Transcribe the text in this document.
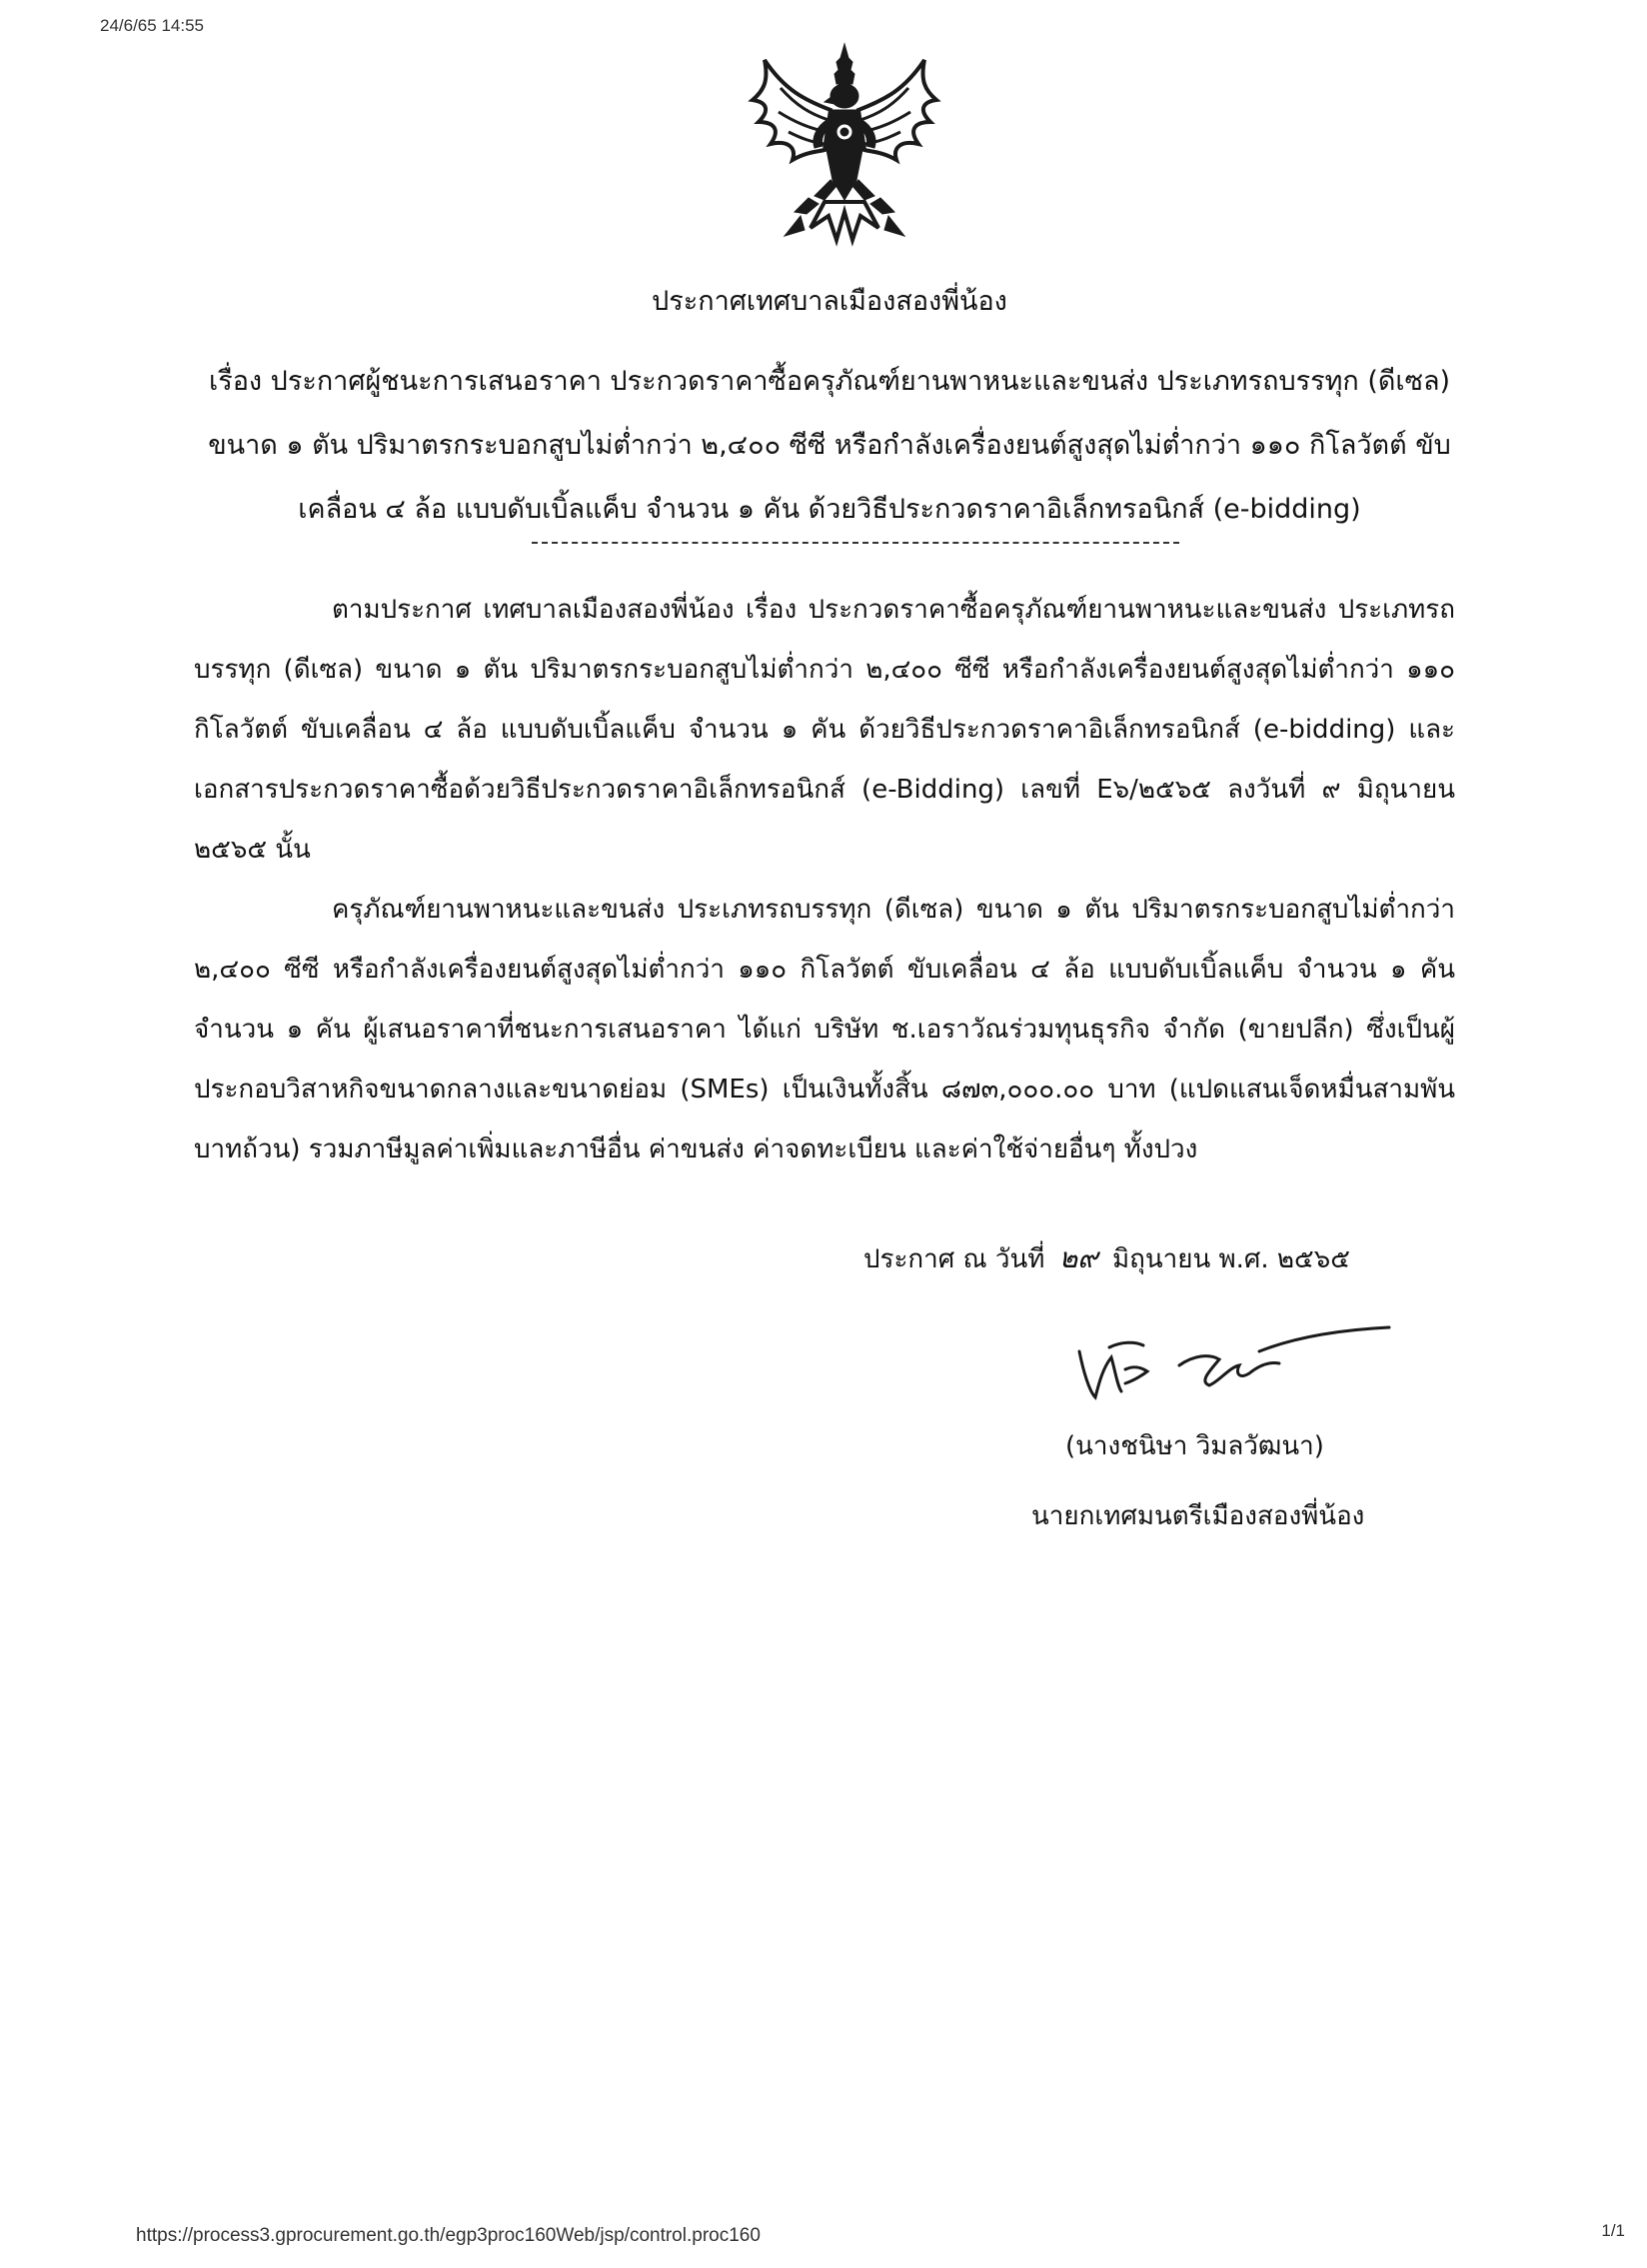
24/6/65 14:55
ประกาศเทศบาลเมืองสองพี่น้อง
เรื่อง ประกาศผู้ชนะการเสนอราคา ประกวดราคาซื้อครุภัณฑ์ยานพาหนะและขนส่ง ประเภทรถบรรทุก (ดีเซล)
ขนาด ๑ ตัน ปริมาตรกระบอกสูบไม่ต่ำกว่า ๒,๔๐๐ ซีซี หรือกำลังเครื่องยนต์สูงสุดไม่ต่ำกว่า ๑๑๐ กิโลวัตต์ ขับ
เคลื่อน ๔ ล้อ แบบดับเบิ้ลแค็บ จำนวน ๑ คัน ด้วยวิธีประกวดราคาอิเล็กทรอนิกส์ (e-bidding)

ตามประกาศ เทศบาลเมืองสองพี่น้อง เรื่อง ประกวดราคาซื้อครุภัณฑ์ยานพาหนะและขนส่ง ประเภทรถบรรทุก (ดีเซล) ขนาด ๑ ตัน ปริมาตรกระบอกสูบไม่ต่ำกว่า ๒,๔๐๐ ซีซี หรือกำลังเครื่องยนต์สูงสุดไม่ต่ำกว่า ๑๑๐ กิโลวัตต์ ขับเคลื่อน ๔ ล้อ แบบดับเบิ้ลแค็บ จำนวน ๑ คัน ด้วยวิธีประกวดราคาอิเล็กทรอนิกส์ (e-bidding) และเอกสารประกวดราคาซื้อด้วยวิธีประกวดราคาอิเล็กทรอนิกส์ (e-Bidding) เลขที่ E๖/๒๕๖๕ ลงวันที่ ๙ มิถุนายน ๒๕๖๕ นั้น

ครุภัณฑ์ยานพาหนะและขนส่ง ประเภทรถบรรทุก (ดีเซล) ขนาด ๑ ตัน ปริมาตรกระบอกสูบไม่ต่ำกว่า ๒,๔๐๐ ซีซี หรือกำลังเครื่องยนต์สูงสุดไม่ต่ำกว่า ๑๑๐ กิโลวัตต์ ขับเคลื่อน ๔ ล้อ แบบดับเบิ้ลแค็บ จำนวน ๑ คัน จำนวน ๑ คัน ผู้เสนอราคาที่ชนะการเสนอราคา ได้แก่ บริษัท ช.เอราวัณร่วมทุนธุรกิจ จำกัด (ขายปลีก) ซึ่งเป็นผู้ประกอบวิสาหกิจขนาดกลางและขนาดย่อม (SMEs) เป็นเงินทั้งสิ้น ๘๗๓,๐๐๐.๐๐ บาท (แปดแสนเจ็ดหมื่นสามพันบาทถ้วน) รวมภาษีมูลค่าเพิ่มและภาษีอื่น ค่าขนส่ง ค่าจดทะเบียน และค่าใช้จ่ายอื่นๆ ทั้งปวง

ประกาศ ณ วันที่ ๒๙ มิถุนายน พ.ศ. ๒๕๖๕
(นางชนิษา วิมลวัฒนา)
นายกเทศมนตรีเมืองสองพี่น้อง
https://process3.gprocurement.go.th/egp3proc160Web/jsp/control.proc160	1/1
